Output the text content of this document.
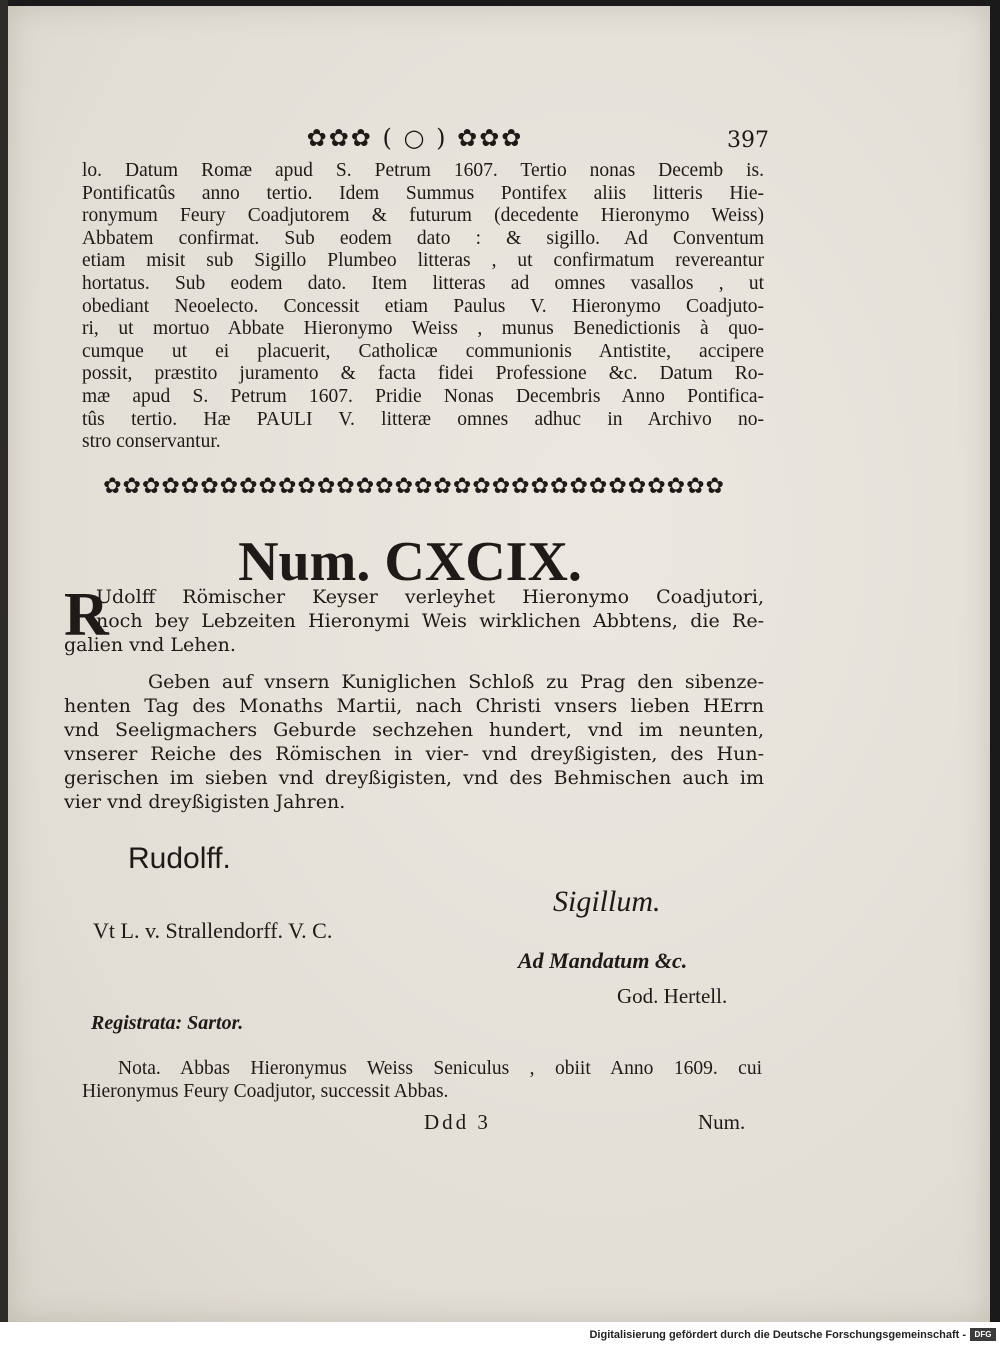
✿✿✿ ( ○ ) ✿✿✿	397
lo. Datum Romæ apud S. Petrum 1607. Tertio nonas Decemb is.
Pontificatûs anno tertio. Idem Summus Pontifex aliis litteris Hie-
ronymum Feury Coadjutorem & futurum (decedente Hieronymo Weiss)
Abbatem confirmat. Sub eodem dato : & sigillo. Ad Conventum
etiam misit sub Sigillo Plumbeo litteras , ut confirmatum revereantur
hortatus. Sub eodem dato. Item litteras ad omnes vasallos , ut
obediant Neoelecto. Concessit etiam Paulus V. Hieronymo Coadjuto-
ri, ut mortuo Abbate Hieronymo Weiss , munus Benedictionis à quo-
cumque ut ei placuerit, Catholicæ communionis Antistite, accipere
possit, præstito juramento & facta fidei Professione &c. Datum Ro-
mæ apud S. Petrum 1607. Pridie Nonas Decembris Anno Pontifica-
tûs tertio. Hæ PAULI V. litteræ omnes adhuc in Archivo no-
stro conservantur.
✿✿✿✿✿✿✿✿✿✿✿✿✿✿✿✿✿✿✿✿✿✿✿✿✿✿✿✿✿✿✿✿
Num. CXCIX.
R
Udolff Römischer Keyser verleyhet Hieronymo Coadjutori,
noch bey Lebzeiten Hieronymi Weis wirklichen Abbtens, die Re-
galien vnd Lehen.
Geben auf vnsern Kuniglichen Schloß zu Prag den sibenze-
henten Tag des Monaths Martii, nach Christi vnsers lieben HErrn
vnd Seeligmachers Geburde sechzehen hundert, vnd im neunten,
vnserer Reiche des Römischen in vier- vnd dreyßigisten, des Hun-
gerischen im sieben vnd dreyßigisten, vnd des Behmischen auch im
vier vnd dreyßigisten Jahren.
Rudolff.
Sigillum.
Vt L. v. Strallendorff. V. C.
Ad Mandatum &c.
God. Hertell.
Registrata: Sartor.
Nota. Abbas Hieronymus Weiss Seniculus , obiit Anno 1609. cui
Hieronymus Feury Coadjutor, successit Abbas.
Ddd 3	Num.
Digitalisierung gefördert durch die Deutsche Forschungsgemeinschaft -	DFG
